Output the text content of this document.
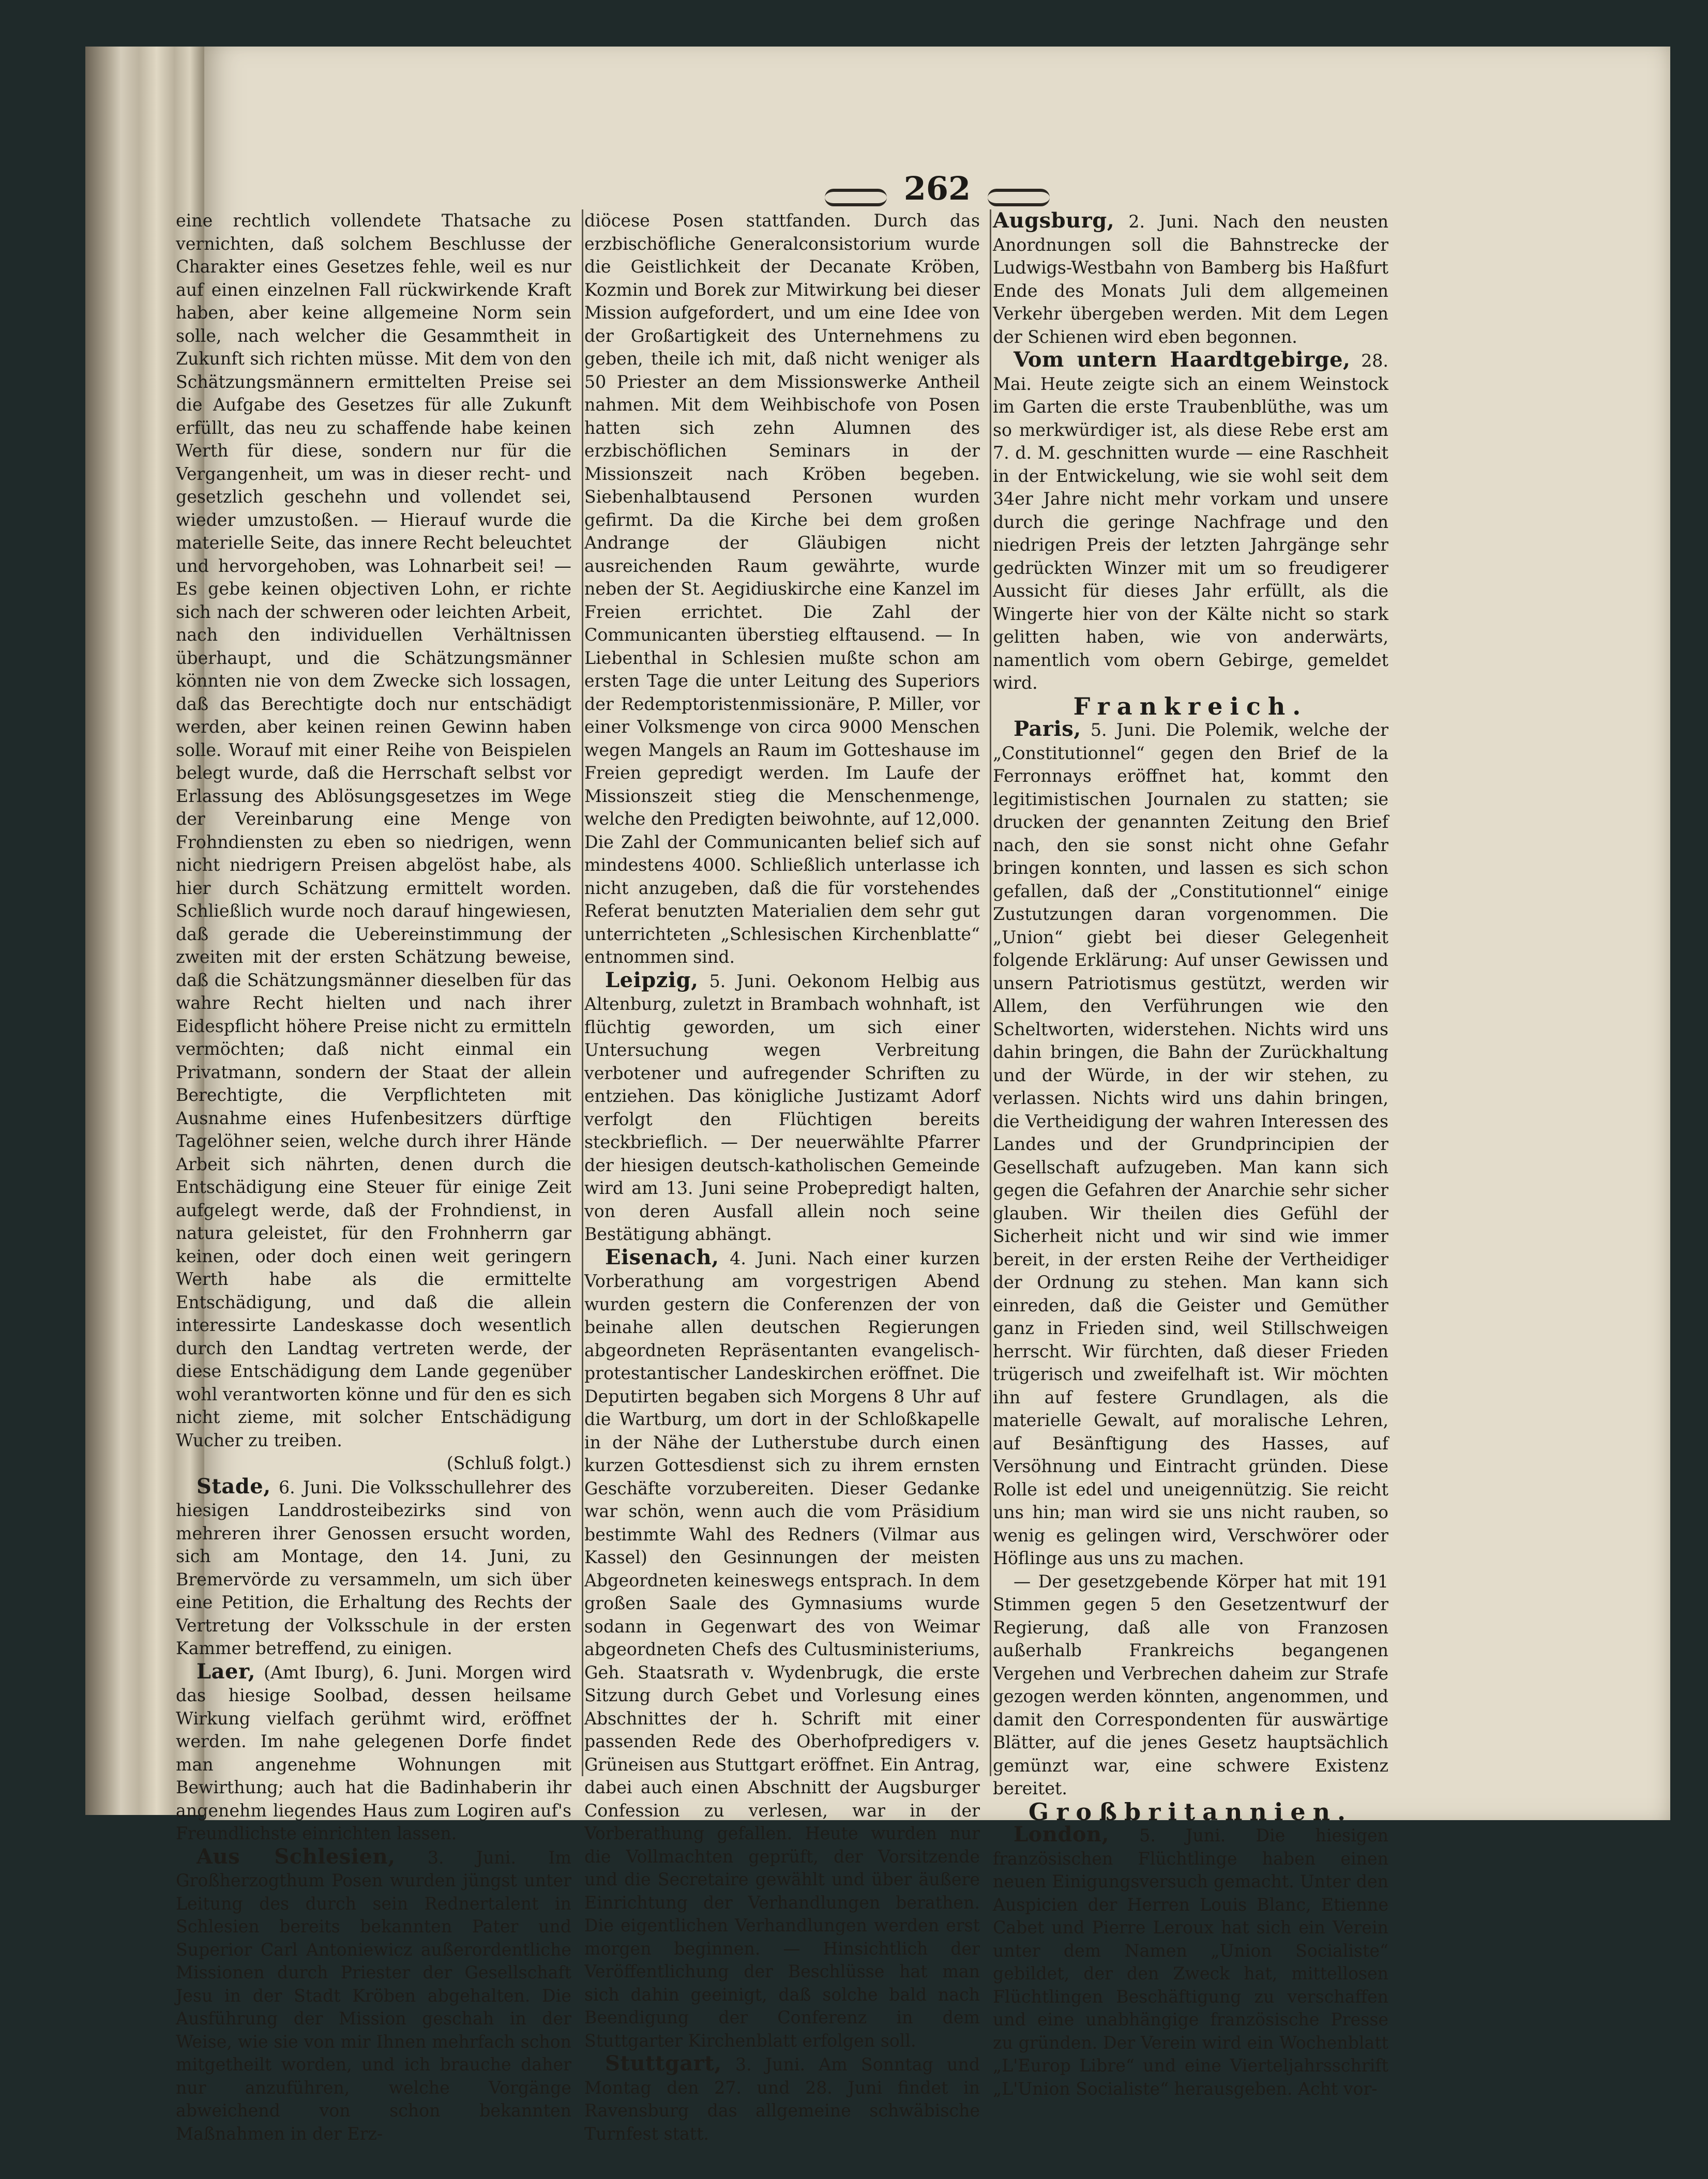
262

eine rechtlich vollendete Thatsache zu vernichten, daß solchem Beschlusse der Charakter eines Gesetzes fehle, weil es nur auf einen einzelnen Fall rückwirkende Kraft haben, aber keine allgemeine Norm sein solle, nach welcher die Gesammtheit in Zukunft sich richten müsse. Mit dem von den Schätzungsmännern ermittelten Preise sei die Aufgabe des Gesetzes für alle Zukunft erfüllt, das neu zu schaffende habe keinen Werth für diese, sondern nur für die Vergangenheit, um was in dieser recht- und gesetzlich geschehn und vollendet sei, wieder umzustoßen. — Hierauf wurde die materielle Seite, das innere Recht beleuchtet und hervorgehoben, was Lohnarbeit sei! — Es gebe keinen objectiven Lohn, er richte sich nach der schweren oder leichten Arbeit, nach den individuellen Verhältnissen überhaupt, und die Schätzungsmänner könnten nie von dem Zwecke sich lossagen, daß das Berechtigte doch nur entschädigt werden, aber keinen reinen Gewinn haben solle. Worauf mit einer Reihe von Beispielen belegt wurde, daß die Herrschaft selbst vor Erlassung des Ablösungsgesetzes im Wege der Vereinbarung eine Menge von Frohndiensten zu eben so niedrigen, wenn nicht niedrigern Preisen abgelöst habe, als hier durch Schätzung ermittelt worden. Schließlich wurde noch darauf hingewiesen, daß gerade die Uebereinstimmung der zweiten mit der ersten Schätzung beweise, daß die Schätzungsmänner dieselben für das wahre Recht hielten und nach ihrer Eidespflicht höhere Preise nicht zu ermitteln vermöchten; daß nicht einmal ein Privatmann, sondern der Staat der allein Berechtigte, die Verpflichteten mit Ausnahme eines Hufenbesitzers dürftige Tagelöhner seien, welche durch ihrer Hände Arbeit sich nährten, denen durch die Entschädigung eine Steuer für einige Zeit aufgelegt werde, daß der Frohndienst, in natura geleistet, für den Frohnherrn gar keinen, oder doch einen weit geringern Werth habe als die ermittelte Entschädigung, und daß die allein interessirte Landeskasse doch wesentlich durch den Landtag vertreten werde, der diese Entschädigung dem Lande gegenüber wohl verantworten könne und für den es sich nicht zieme, mit solcher Entschädigung Wucher zu treiben.

(Schluß folgt.)

Stade, 6. Juni. Die Volksschullehrer des hiesigen Landdrosteibezirks sind von mehreren ihrer Genossen ersucht worden, sich am Montage, den 14. Juni, zu Bremervörde zu versammeln, um sich über eine Petition, die Erhaltung des Rechts der Vertretung der Volksschule in der ersten Kammer betreffend, zu einigen.

Laer, (Amt Iburg), 6. Juni. Morgen wird das hiesige Soolbad, dessen heilsame Wirkung vielfach gerühmt wird, eröffnet werden. Im nahe gelegenen Dorfe findet man angenehme Wohnungen mit Bewirthung; auch hat die Badinhaberin ihr angenehm liegendes Haus zum Logiren auf's Freundlichste einrichten lassen.

Aus Schlesien, 3. Juni. Im Großherzogthum Posen wurden jüngst unter Leitung des durch sein Rednertalent in Schlesien bereits bekannten Pater und Superior Carl Antoniewicz außerordentliche Missionen durch Priester der Gesellschaft Jesu in der Stadt Kröben abgehalten. Die Ausführung der Mission geschah in der Weise, wie sie von mir Ihnen mehrfach schon mitgetheilt worden, und ich brauche daher nur anzuführen, welche Vorgänge abweichend von schon bekannten Maßnahmen in der Erz-

diöcese Posen stattfanden. Durch das erzbischöfliche Generalconsistorium wurde die Geistlichkeit der Decanate Kröben, Kozmin und Borek zur Mitwirkung bei dieser Mission aufgefordert, und um eine Idee von der Großartigkeit des Unternehmens zu geben, theile ich mit, daß nicht weniger als 50 Priester an dem Missionswerke Antheil nahmen. Mit dem Weihbischofe von Posen hatten sich zehn Alumnen des erzbischöflichen Seminars in der Missionszeit nach Kröben begeben. Siebenhalbtausend Personen wurden gefirmt. Da die Kirche bei dem großen Andrange der Gläubigen nicht ausreichenden Raum gewährte, wurde neben der St. Aegidiuskirche eine Kanzel im Freien errichtet. Die Zahl der Communicanten überstieg elftausend. — In Liebenthal in Schlesien mußte schon am ersten Tage die unter Leitung des Superiors der Redemptoristenmissionäre, P. Miller, vor einer Volksmenge von circa 9000 Menschen wegen Mangels an Raum im Gotteshause im Freien gepredigt werden. Im Laufe der Missionszeit stieg die Menschenmenge, welche den Predigten beiwohnte, auf 12,000. Die Zahl der Communicanten belief sich auf mindestens 4000. Schließlich unterlasse ich nicht anzugeben, daß die für vorstehendes Referat benutzten Materialien dem sehr gut unterrichteten „Schlesischen Kirchenblatte“ entnommen sind.

Leipzig, 5. Juni. Oekonom Helbig aus Altenburg, zuletzt in Brambach wohnhaft, ist flüchtig geworden, um sich einer Untersuchung wegen Verbreitung verbotener und aufregender Schriften zu entziehen. Das königliche Justizamt Adorf verfolgt den Flüchtigen bereits steckbrieflich. — Der neuerwählte Pfarrer der hiesigen deutsch-katholischen Gemeinde wird am 13. Juni seine Probepredigt halten, von deren Ausfall allein noch seine Bestätigung abhängt.

Eisenach, 4. Juni. Nach einer kurzen Vorberathung am vorgestrigen Abend wurden gestern die Conferenzen der von beinahe allen deutschen Regierungen abgeordneten Repräsentanten evangelisch-protestantischer Landeskirchen eröffnet. Die Deputirten begaben sich Morgens 8 Uhr auf die Wartburg, um dort in der Schloßkapelle in der Nähe der Lutherstube durch einen kurzen Gottesdienst sich zu ihrem ernsten Geschäfte vorzubereiten. Dieser Gedanke war schön, wenn auch die vom Präsidium bestimmte Wahl des Redners (Vilmar aus Kassel) den Gesinnungen der meisten Abgeordneten keineswegs entsprach. In dem großen Saale des Gymnasiums wurde sodann in Gegenwart des von Weimar abgeordneten Chefs des Cultusministeriums, Geh. Staatsrath v. Wydenbrugk, die erste Sitzung durch Gebet und Vorlesung eines Abschnittes der h. Schrift mit einer passenden Rede des Oberhofpredigers v. Grüneisen aus Stuttgart eröffnet. Ein Antrag, dabei auch einen Abschnitt der Augsburger Confession zu verlesen, war in der Vorberathung gefallen. Heute wurden nur die Vollmachten geprüft, der Vorsitzende und die Secretaire gewählt und über äußere Einrichtung der Verhandlungen berathen. Die eigentlichen Verhandlungen werden erst morgen beginnen. — Hinsichtlich der Veröffentlichung der Beschlüsse hat man sich dahin geeinigt, daß solche bald nach Beendigung der Conferenz in dem Stuttgarter Kirchenblatt erfolgen soll.

Stuttgart, 3. Juni. Am Sonntag und Montag den 27. und 28. Juni findet in Ravensburg das allgemeine schwäbische Turnfest statt.

Augsburg, 2. Juni. Nach den neusten Anordnungen soll die Bahnstrecke der Ludwigs-Westbahn von Bamberg bis Haßfurt Ende des Monats Juli dem allgemeinen Verkehr übergeben werden. Mit dem Legen der Schienen wird eben begonnen.

Vom untern Haardtgebirge, 28. Mai. Heute zeigte sich an einem Weinstock im Garten die erste Traubenblüthe, was um so merkwürdiger ist, als diese Rebe erst am 7. d. M. geschnitten wurde — eine Raschheit in der Entwickelung, wie sie wohl seit dem 34er Jahre nicht mehr vorkam und unsere durch die geringe Nachfrage und den niedrigen Preis der letzten Jahrgänge sehr gedrückten Winzer mit um so freudigerer Aussicht für dieses Jahr erfüllt, als die Wingerte hier von der Kälte nicht so stark gelitten haben, wie von anderwärts, namentlich vom obern Gebirge, gemeldet wird.

Frankreich.

Paris, 5. Juni. Die Polemik, welche der „Constitutionnel“ gegen den Brief de la Ferronnays eröffnet hat, kommt den legitimistischen Journalen zu statten; sie drucken der genannten Zeitung den Brief nach, den sie sonst nicht ohne Gefahr bringen konnten, und lassen es sich schon gefallen, daß der „Constitutionnel“ einige Zustutzungen daran vorgenommen. Die „Union“ giebt bei dieser Gelegenheit folgende Erklärung: Auf unser Gewissen und unsern Patriotismus gestützt, werden wir Allem, den Verführungen wie den Scheltworten, widerstehen. Nichts wird uns dahin bringen, die Bahn der Zurückhaltung und der Würde, in der wir stehen, zu verlassen. Nichts wird uns dahin bringen, die Vertheidigung der wahren Interessen des Landes und der Grundprincipien der Gesellschaft aufzugeben. Man kann sich gegen die Gefahren der Anarchie sehr sicher glauben. Wir theilen dies Gefühl der Sicherheit nicht und wir sind wie immer bereit, in der ersten Reihe der Vertheidiger der Ordnung zu stehen. Man kann sich einreden, daß die Geister und Gemüther ganz in Frieden sind, weil Stillschweigen herrscht. Wir fürchten, daß dieser Frieden trügerisch und zweifelhaft ist. Wir möchten ihn auf festere Grundlagen, als die materielle Gewalt, auf moralische Lehren, auf Besänftigung des Hasses, auf Versöhnung und Eintracht gründen. Diese Rolle ist edel und uneigennützig. Sie reicht uns hin; man wird sie uns nicht rauben, so wenig es gelingen wird, Verschwörer oder Höflinge aus uns zu machen.

— Der gesetzgebende Körper hat mit 191 Stimmen gegen 5 den Gesetzentwurf der Regierung, daß alle von Franzosen außerhalb Frankreichs begangenen Vergehen und Verbrechen daheim zur Strafe gezogen werden könnten, angenommen, und damit den Correspondenten für auswärtige Blätter, auf die jenes Gesetz hauptsächlich gemünzt war, eine schwere Existenz bereitet.

Großbritannien.

London, 5. Juni. Die hiesigen französischen Flüchtlinge haben einen neuen Einigungsversuch gemacht. Unter den Auspicien der Herren Louis Blanc, Etienne Cabet und Pierre Leroux hat sich ein Verein unter dem Namen „Union Socialiste“ gebildet, der den Zweck hat, mittellosen Flüchtlingen Beschäftigung zu verschaffen und eine unabhängige französische Presse zu gründen. Der Verein wird ein Wochenblatt „L'Europ Libre“ und eine Vierteljahrsschrift „L'Union Socialiste“ herausgeben. Acht vor-
